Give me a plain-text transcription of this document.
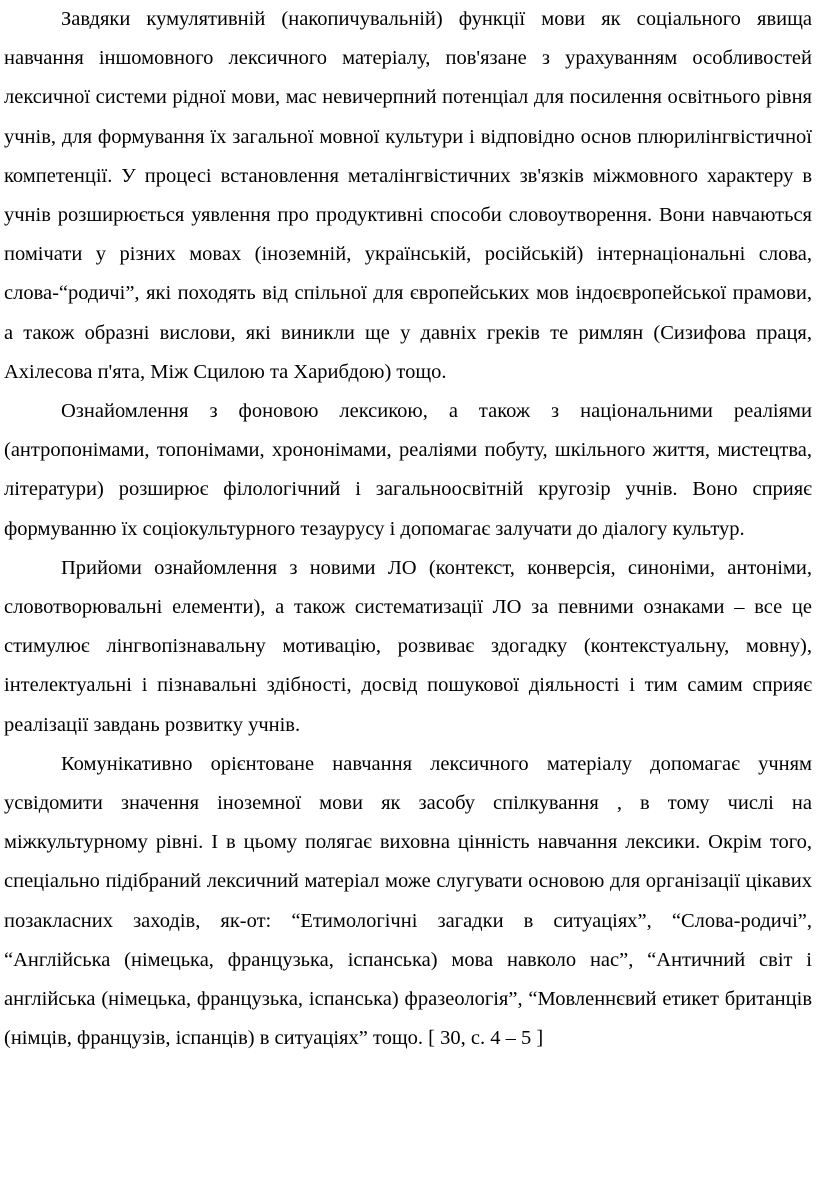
Завдяки кумулятивній (накопичувальній) функції мови як соціального явища навчання іншомовного лексичного матеріалу, пов'язане з урахуванням особливостей лексичної системи рідної мови, мас невичерпний потенціал для посилення освітнього рівня учнів, для формування їх загальної мовної культури і відповідно основ плюрилінгвістичної компетенції. У процесі встановлення металінгвістичних зв'язків міжмовного характеру в учнів розширюється уявлення про продуктивні способи словоутворення. Вони навчаються помічати у різних мовах (іноземній, українській, російській) інтернаціональні слова, слова-“родичі”, які походять від спільної для європейських мов індоєвропейської прамови, а також образні вислови, які виникли ще у давніх греків те римлян (Сизифова праця, Ахілесова п'ята, Між Сцилою та Харибдою) тощо.

Ознайомлення з фоновою лексикою, а також з національними реаліями (антропонімами, топонімами, хрононімами, реаліями побуту, шкільного життя, мистецтва, літератури) розширює філологічний і загальноосвітній кругозір учнів. Воно сприяє формуванню їх соціокультурного тезаурусу і допомагає залучати до діалогу культур.

Прийоми ознайомлення з новими ЛО (контекст, конверсія, синоніми, антоніми, словотворювальні елементи), а також систематизації ЛО за певними ознаками – все це стимулює лінгвопізнавальну мотивацію, розвиває здогадку (контекстуальну, мовну), інтелектуальні і пізнавальні здібності, досвід пошукової діяльності і тим самим сприяє реалізації завдань розвитку учнів.

Комунікативно орієнтоване навчання лексичного матеріалу допомагає учням усвідомити значення іноземної мови як засобу спілкування , в тому числі на міжкультурному рівні. І в цьому полягає виховна цінність навчання лексики. Окрім того, спеціально підібраний лексичний матеріал може слугувати основою для організації цікавих позакласних заходів, як-от: “Етимологічні загадки в ситуаціях”, “Слова-родичі”, “Англійська (німецька, французька, іспанська) мова навколо нас”, “Античний світ і англійська (німецька, французька, іспанська) фразеологія”, “Мовленнєвий етикет британців (німців, французів, іспанців) в ситуаціях” тощо. [ 30, с. 4 – 5 ]
